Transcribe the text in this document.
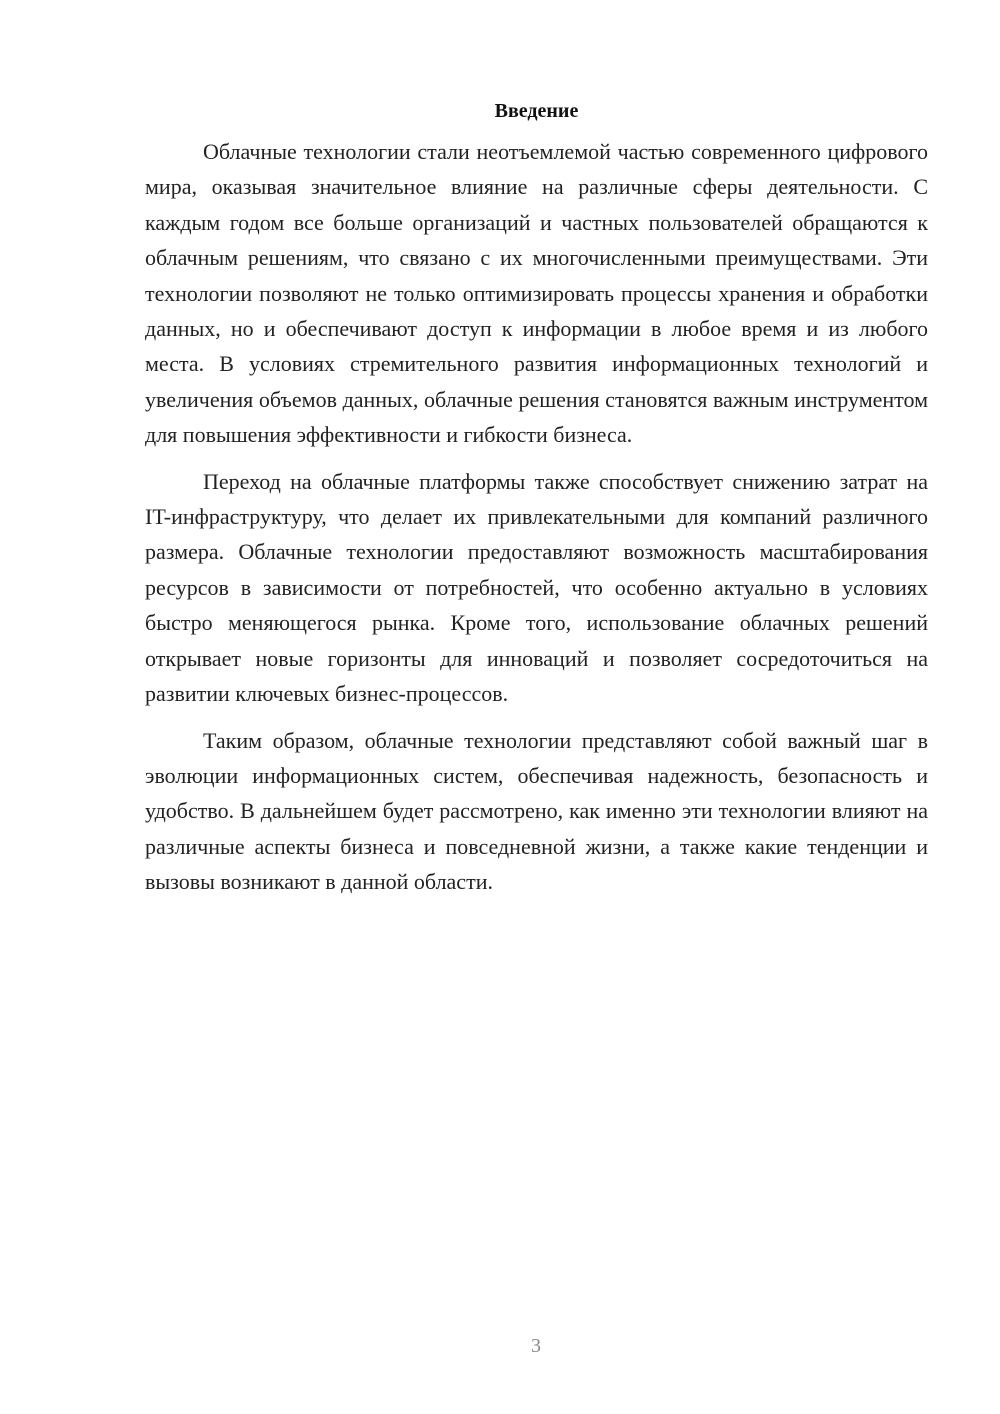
Введение

Облачные технологии стали неотъемлемой частью современного цифрового мира, оказывая значительное влияние на различные сферы деятельности. С каждым годом все больше организаций и частных пользователей обращаются к облачным решениям, что связано с их многочисленными преимуществами. Эти технологии позволяют не только оптимизировать процессы хранения и обработки данных, но и обеспечивают доступ к информации в любое время и из любого места. В условиях стремительного развития информационных технологий и увеличения объемов данных, облачные решения становятся важным инструментом для повышения эффективности и гибкости бизнеса.

Переход на облачные платформы также способствует снижению затрат на IT-инфраструктуру, что делает их привлекательными для компаний различного размера. Облачные технологии предоставляют возможность масштабирования ресурсов в зависимости от потребностей, что особенно актуально в условиях быстро меняющегося рынка. Кроме того, использование облачных решений открывает новые горизонты для инноваций и позволяет сосредоточиться на развитии ключевых бизнес-процессов.

Таким образом, облачные технологии представляют собой важный шаг в эволюции информационных систем, обеспечивая надежность, безопасность и удобство. В дальнейшем будет рассмотрено, как именно эти технологии влияют на различные аспекты бизнеса и повседневной жизни, а также какие тенденции и вызовы возникают в данной области.

3
